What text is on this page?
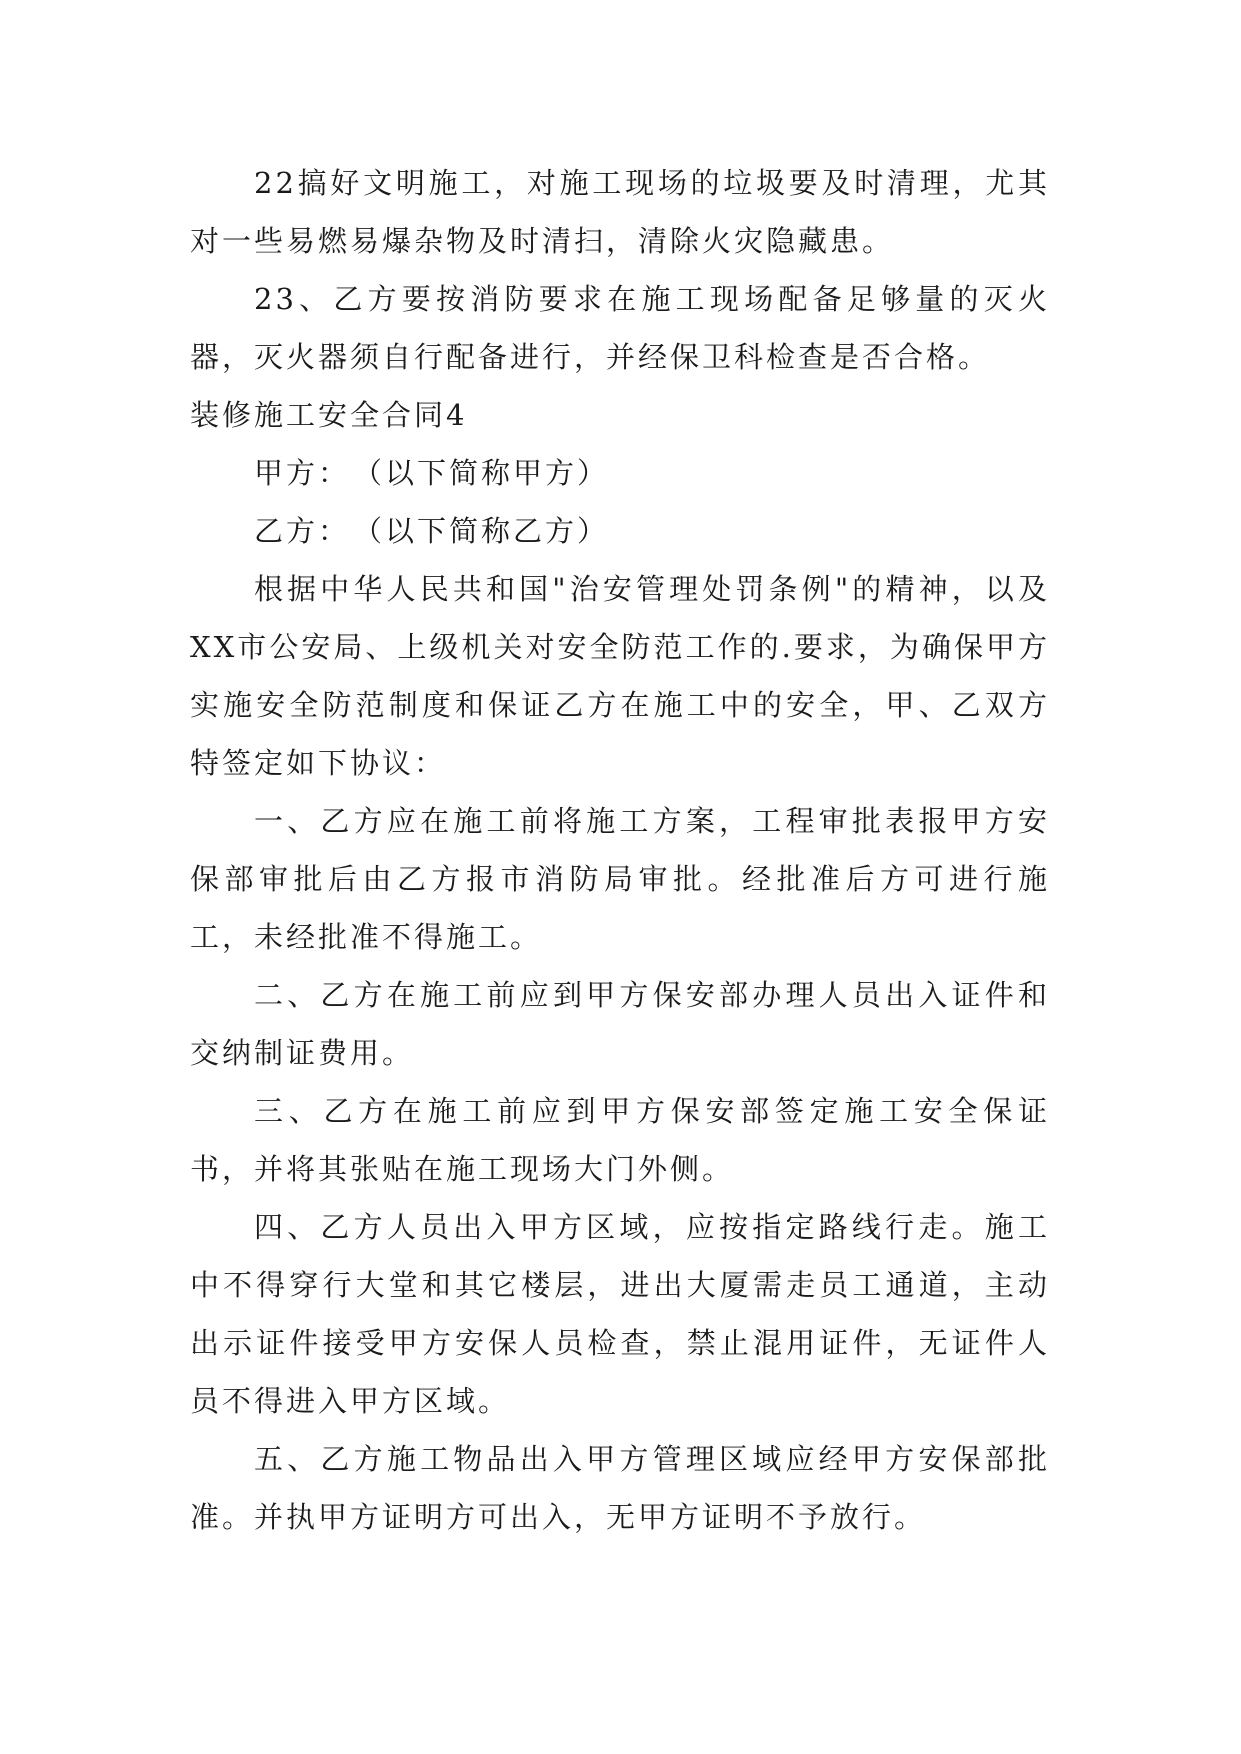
22搞好文明施工，对施工现场的垃圾要及时清理，尤其对一些易燃易爆杂物及时清扫，清除火灾隐藏患。

23、乙方要按消防要求在施工现场配备足够量的灭火器，灭火器须自行配备进行，并经保卫科检查是否合格。

装修施工安全合同4

甲方：　（以下简称甲方）

乙方：　（以下简称乙方）

根据中华人民共和国"治安管理处罚条例"的精神，以及XX市公安局、上级机关对安全防范工作的.要求，为确保甲方实施安全防范制度和保证乙方在施工中的安全，甲、乙双方特签定如下协议：

一、乙方应在施工前将施工方案，工程审批表报甲方安保部审批后由乙方报市消防局审批。经批准后方可进行施工，未经批准不得施工。

二、乙方在施工前应到甲方保安部办理人员出入证件和交纳制证费用。

三、乙方在施工前应到甲方保安部签定施工安全保证书，并将其张贴在施工现场大门外侧。

四、乙方人员出入甲方区域，应按指定路线行走。施工中不得穿行大堂和其它楼层，进出大厦需走员工通道，主动出示证件接受甲方安保人员检查，禁止混用证件，无证件人员不得进入甲方区域。

五、乙方施工物品出入甲方管理区域应经甲方安保部批准。并执甲方证明方可出入，无甲方证明不予放行。
